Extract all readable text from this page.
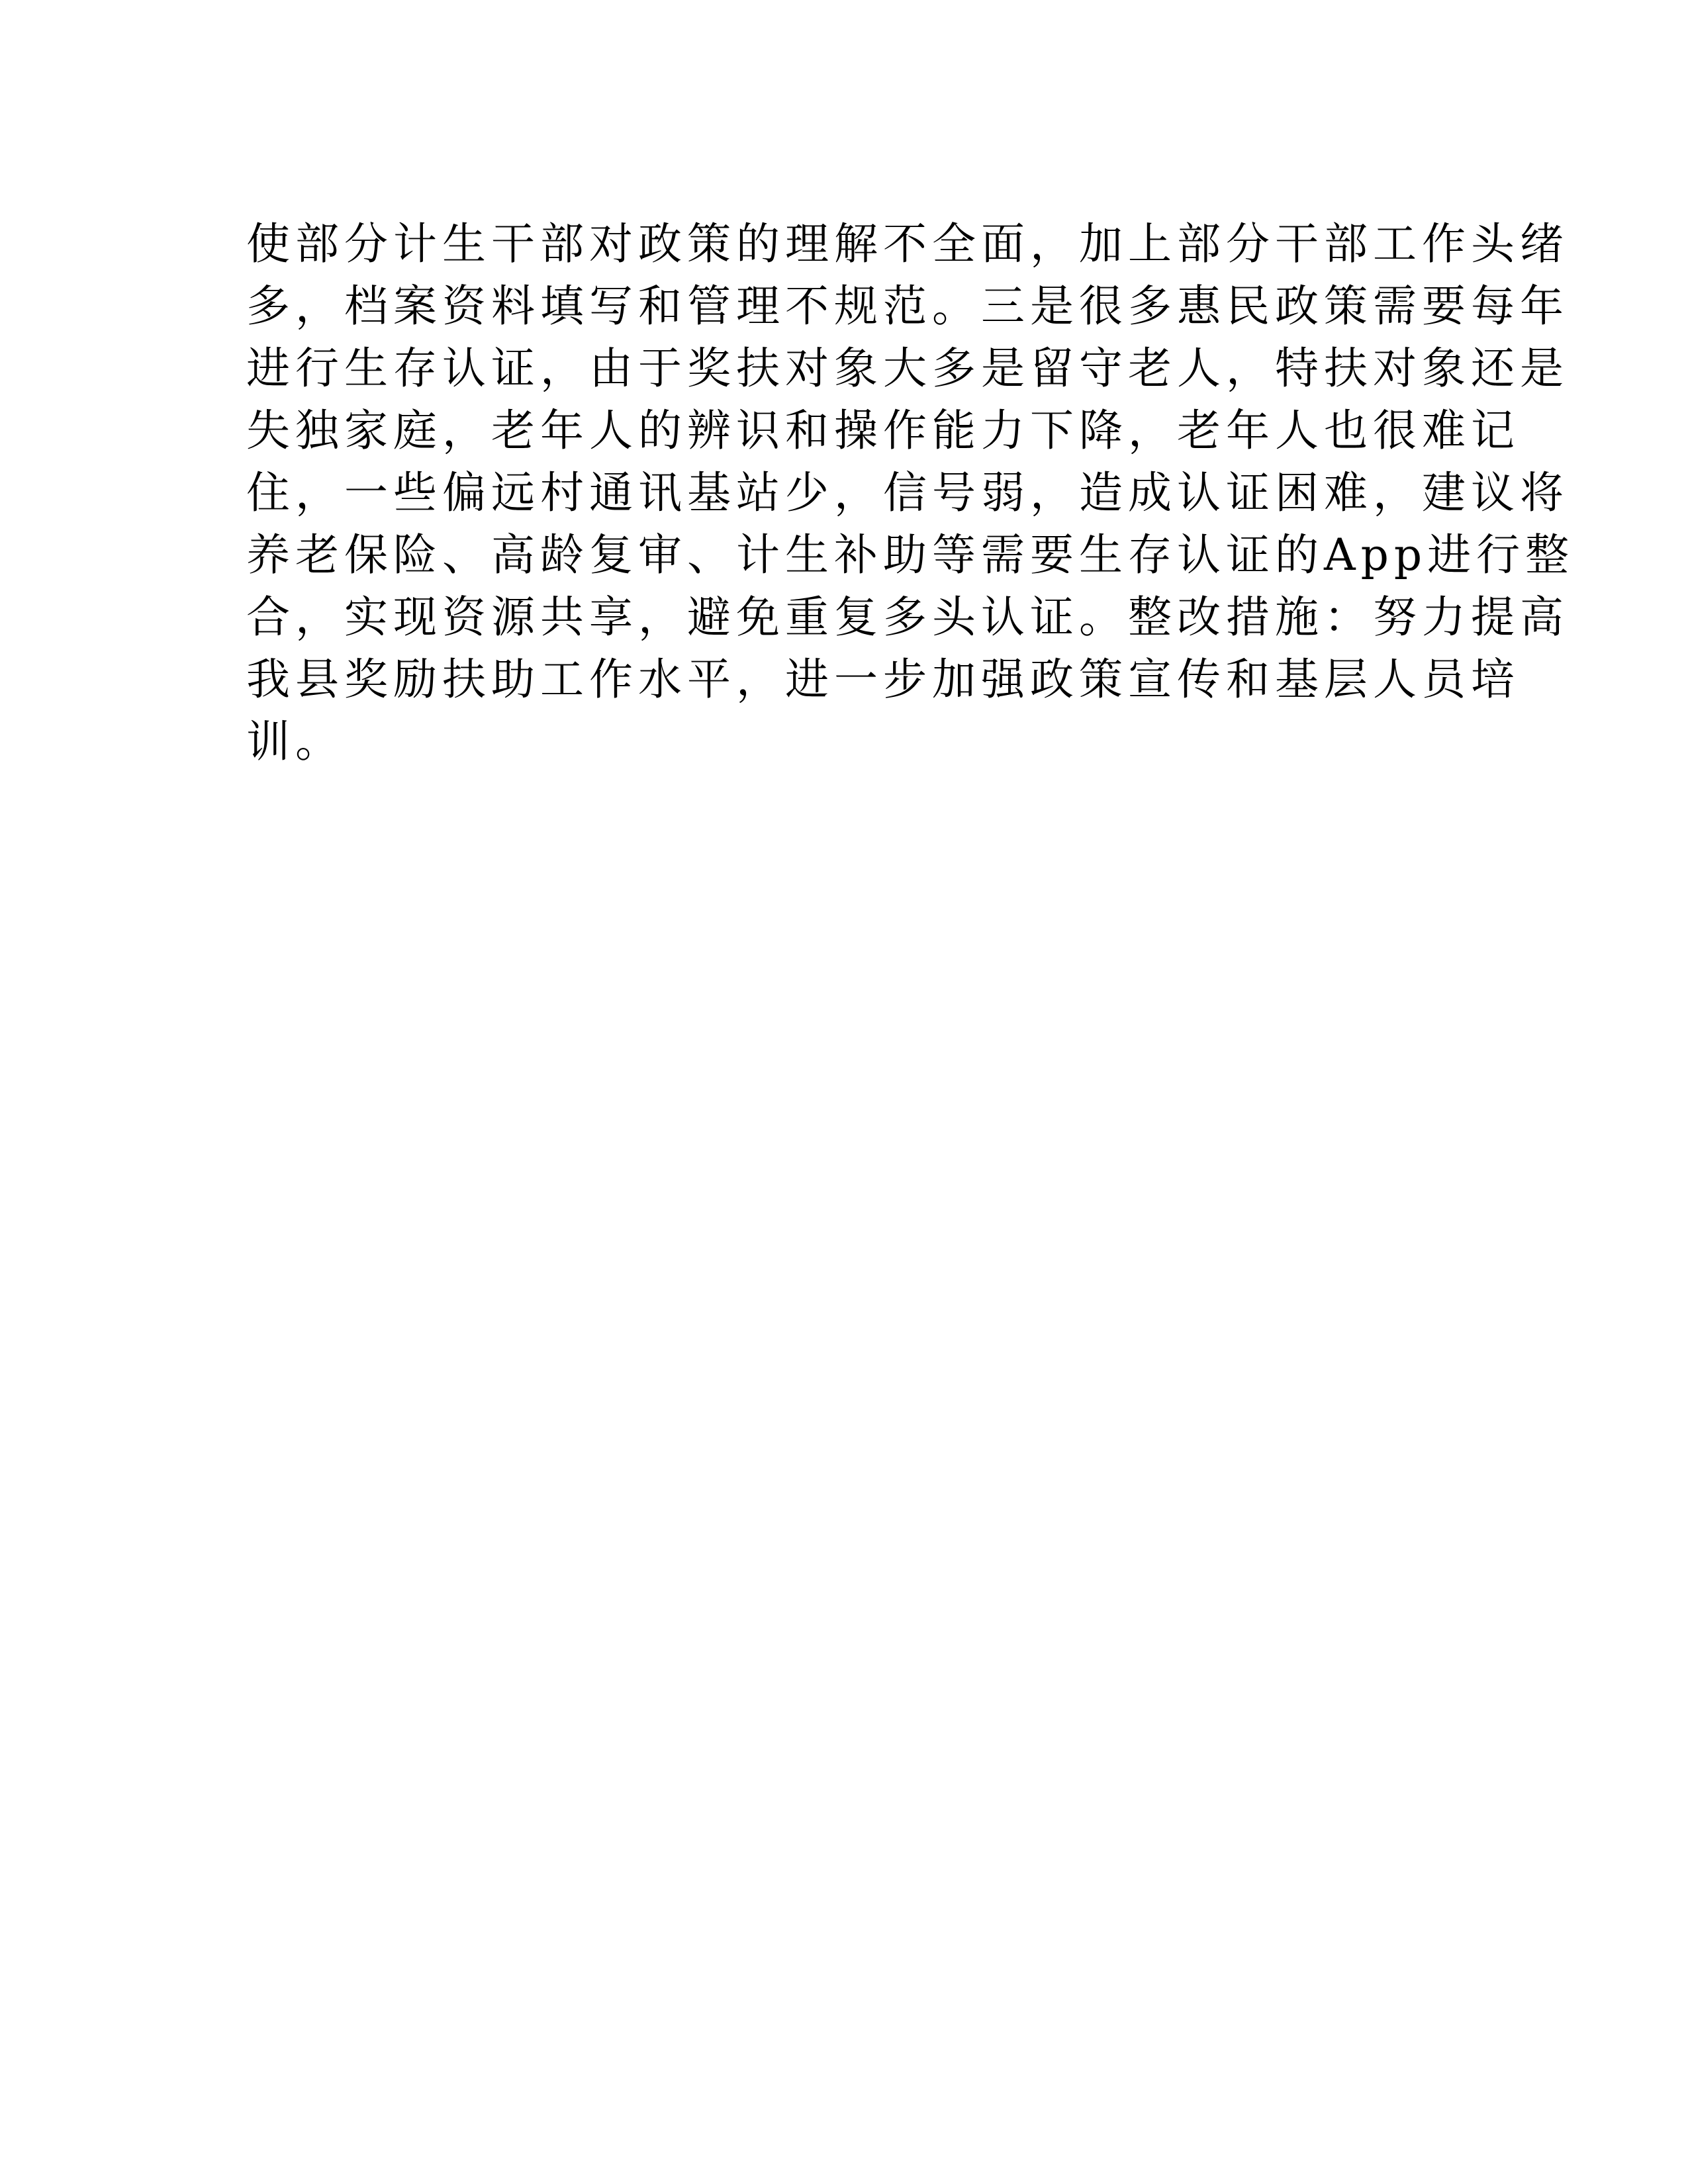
使部分计生干部对政策的理解不全面，加上部分干部工作头绪
多，档案资料填写和管理不规范。三是很多惠民政策需要每年
进行生存认证，由于奖扶对象大多是留守老人，特扶对象还是
失独家庭，老年人的辨识和操作能力下降，老年人也很难记
住，一些偏远村通讯基站少，信号弱，造成认证困难，建议将
养老保险、高龄复审、计生补助等需要生存认证的App进行整
合，实现资源共享，避免重复多头认证。整改措施：努力提高
我县奖励扶助工作水平，进一步加强政策宣传和基层人员培
训。
